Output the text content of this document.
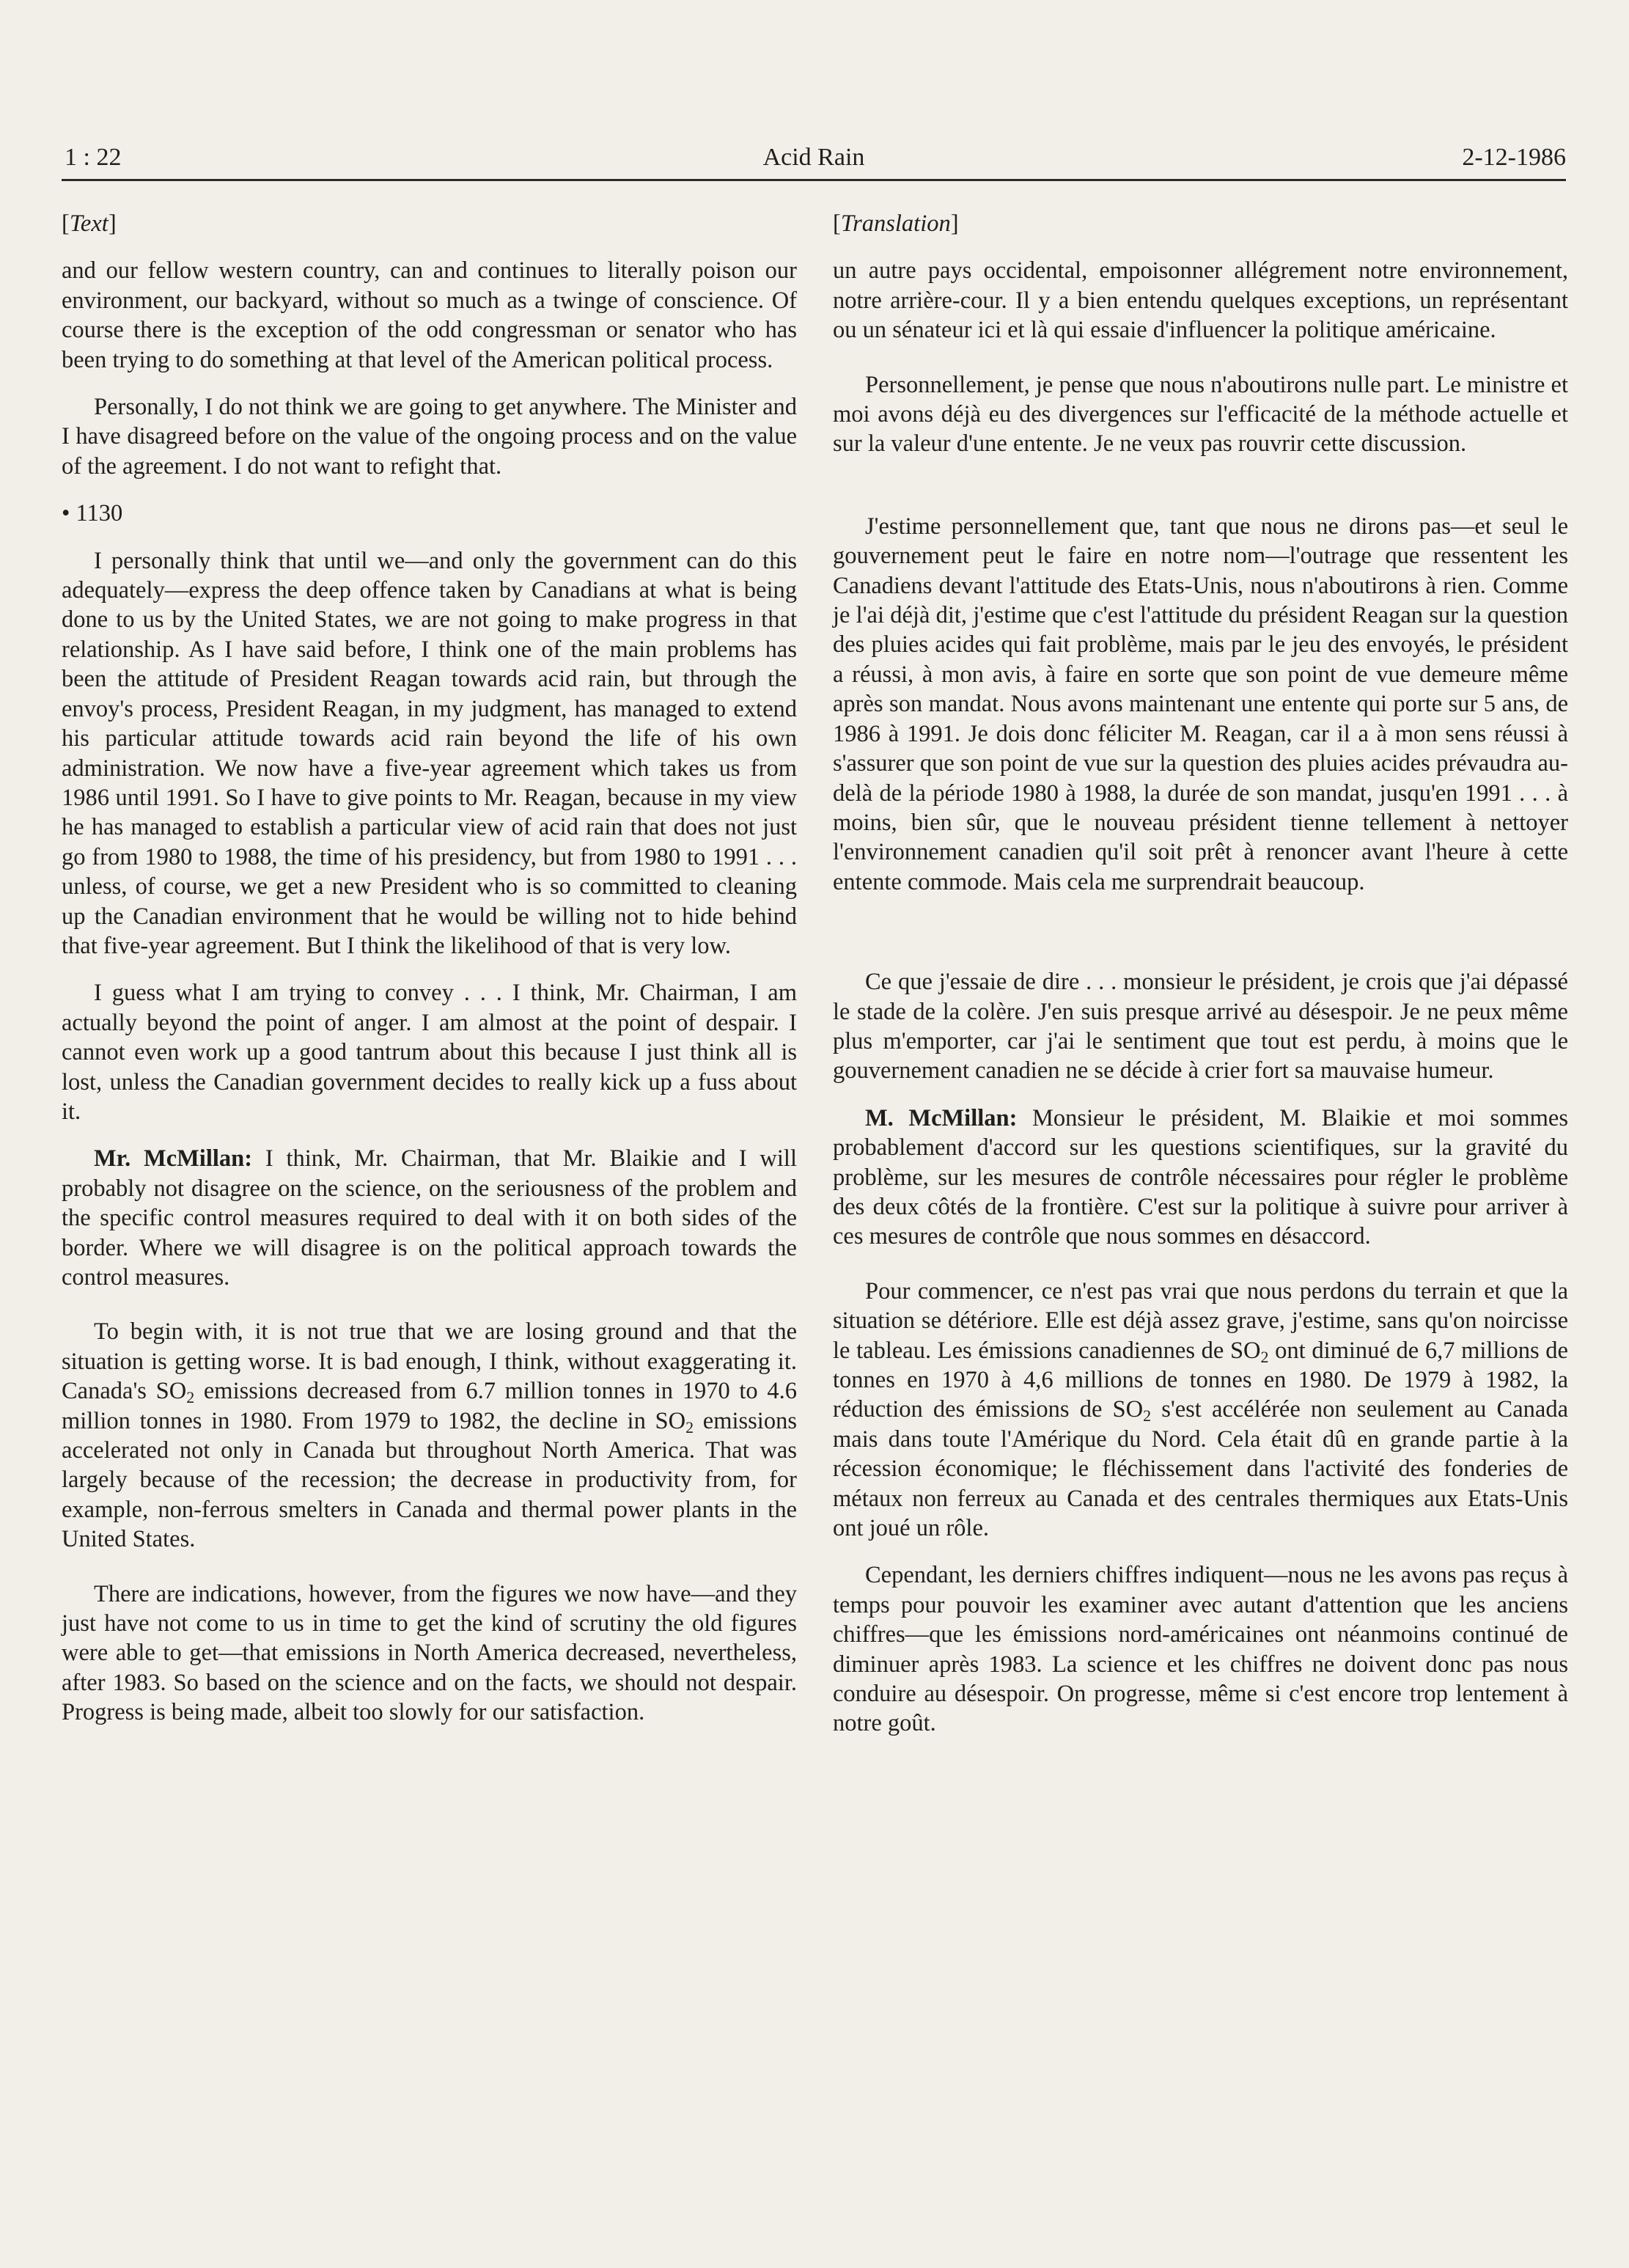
1 : 22	Acid Rain	2-12-1986

[Text]

and our fellow western country, can and continues to literally poison our environment, our backyard, without so much as a twinge of conscience. Of course there is the exception of the odd congressman or senator who has been trying to do something at that level of the American political process.

Personally, I do not think we are going to get anywhere. The Minister and I have disagreed before on the value of the ongoing process and on the value of the agreement. I do not want to refight that.

• 1130

I personally think that until we—and only the government can do this adequately—express the deep offence taken by Canadians at what is being done to us by the United States, we are not going to make progress in that relationship. As I have said before, I think one of the main problems has been the attitude of President Reagan towards acid rain, but through the envoy's process, President Reagan, in my judgment, has managed to extend his particular attitude towards acid rain beyond the life of his own administration. We now have a five-year agreement which takes us from 1986 until 1991. So I have to give points to Mr. Reagan, because in my view he has managed to establish a particular view of acid rain that does not just go from 1980 to 1988, the time of his presidency, but from 1980 to 1991 . . . unless, of course, we get a new President who is so committed to cleaning up the Canadian environment that he would be willing not to hide behind that five-year agreement. But I think the likelihood of that is very low.

I guess what I am trying to convey . . . I think, Mr. Chairman, I am actually beyond the point of anger. I am almost at the point of despair. I cannot even work up a good tantrum about this because I just think all is lost, unless the Canadian government decides to really kick up a fuss about it.

Mr. McMillan: I think, Mr. Chairman, that Mr. Blaikie and I will probably not disagree on the science, on the seriousness of the problem and the specific control measures required to deal with it on both sides of the border. Where we will disagree is on the political approach towards the control measures.

To begin with, it is not true that we are losing ground and that the situation is getting worse. It is bad enough, I think, without exaggerating it. Canada's $SO_2$ emissions decreased from 6.7 million tonnes in 1970 to 4.6 million tonnes in 1980. From 1979 to 1982, the decline in $SO_2$ emissions accelerated not only in Canada but throughout North America. That was largely because of the recession; the decrease in productivity from, for example, non-ferrous smelters in Canada and thermal power plants in the United States.

There are indications, however, from the figures we now have—and they just have not come to us in time to get the kind of scrutiny the old figures were able to get—that emissions in North America decreased, nevertheless, after 1983. So based on the science and on the facts, we should not despair. Progress is being made, albeit too slowly for our satisfaction.

[Translation]

un autre pays occidental, empoisonner allégrement notre environnement, notre arrière-cour. Il y a bien entendu quelques exceptions, un représentant ou un sénateur ici et là qui essaie d'influencer la politique américaine.

Personnellement, je pense que nous n'aboutirons nulle part. Le ministre et moi avons déjà eu des divergences sur l'efficacité de la méthode actuelle et sur la valeur d'une entente. Je ne veux pas rouvrir cette discussion.

J'estime personnellement que, tant que nous ne dirons pas—et seul le gouvernement peut le faire en notre nom—l'outrage que ressentent les Canadiens devant l'attitude des Etats-Unis, nous n'aboutirons à rien. Comme je l'ai déjà dit, j'estime que c'est l'attitude du président Reagan sur la question des pluies acides qui fait problème, mais par le jeu des envoyés, le président a réussi, à mon avis, à faire en sorte que son point de vue demeure même après son mandat. Nous avons maintenant une entente qui porte sur 5 ans, de 1986 à 1991. Je dois donc féliciter M. Reagan, car il a à mon sens réussi à s'assurer que son point de vue sur la question des pluies acides prévaudra au-delà de la période 1980 à 1988, la durée de son mandat, jusqu'en 1991 . . . à moins, bien sûr, que le nouveau président tienne tellement à nettoyer l'environnement canadien qu'il soit prêt à renoncer avant l'heure à cette entente commode. Mais cela me surprendrait beaucoup.

Ce que j'essaie de dire . . . monsieur le président, je crois que j'ai dépassé le stade de la colère. J'en suis presque arrivé au désespoir. Je ne peux même plus m'emporter, car j'ai le sentiment que tout est perdu, à moins que le gouvernement canadien ne se décide à crier fort sa mauvaise humeur.

M. McMillan: Monsieur le président, M. Blaikie et moi sommes probablement d'accord sur les questions scientifiques, sur la gravité du problème, sur les mesures de contrôle nécessaires pour régler le problème des deux côtés de la frontière. C'est sur la politique à suivre pour arriver à ces mesures de contrôle que nous sommes en désaccord.

Pour commencer, ce n'est pas vrai que nous perdons du terrain et que la situation se détériore. Elle est déjà assez grave, j'estime, sans qu'on noircisse le tableau. Les émissions canadiennes de $SO_2$ ont diminué de 6,7 millions de tonnes en 1970 à 4,6 millions de tonnes en 1980. De 1979 à 1982, la réduction des émissions de $SO_2$ s'est accélérée non seulement au Canada mais dans toute l'Amérique du Nord. Cela était dû en grande partie à la récession économique; le fléchissement dans l'activité des fonderies de métaux non ferreux au Canada et des centrales thermiques aux Etats-Unis ont joué un rôle.

Cependant, les derniers chiffres indiquent—nous ne les avons pas reçus à temps pour pouvoir les examiner avec autant d'attention que les anciens chiffres—que les émissions nord-américaines ont néanmoins continué de diminuer après 1983. La science et les chiffres ne doivent donc pas nous conduire au désespoir. On progresse, même si c'est encore trop lentement à notre goût.
